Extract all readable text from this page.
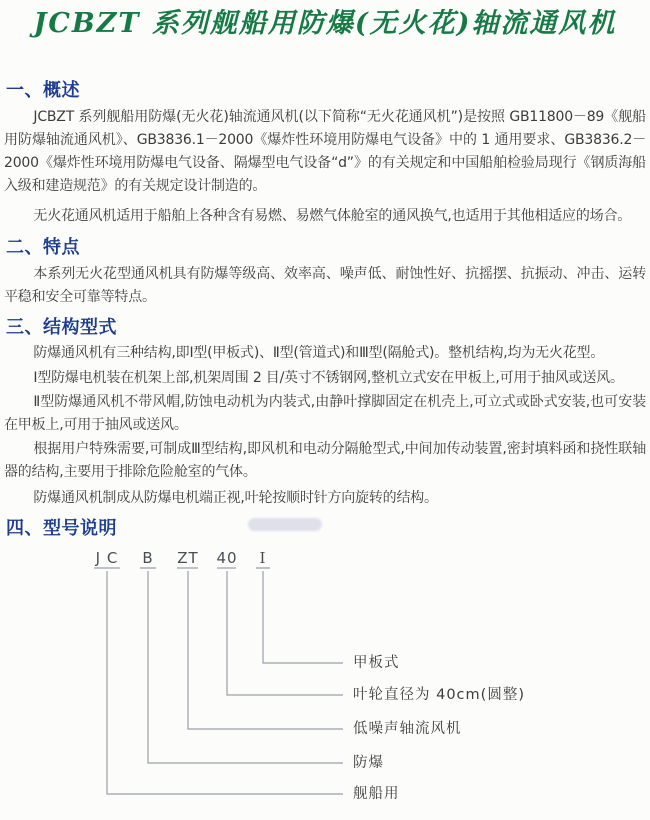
JCBZT 系列舰船用防爆(无火花)轴流通风机
一、概述

JCBZT 系列舰船用防爆(无火花)轴流通风机(以下简称“无火花通风机”)是按照 GB11800－89《舰船用防爆轴流通风机》、GB3836.1－2000《爆炸性环境用防爆电气设备》中的 1 通用要求、GB3836.2－2000《爆炸性环境用防爆电气设备、隔爆型电气设备“d”》的有关规定和中国船舶检验局现行《钢质海船入级和建造规范》的有关规定设计制造的。

无火花通风机适用于船舶上各种含有易燃、易燃气体舱室的通风换气,也适用于其他相适应的场合。

二、特点

本系列无火花型通风机具有防爆等级高、效率高、噪声低、耐蚀性好、抗摇摆、抗振动、冲击、运转平稳和安全可靠等特点。

三、结构型式

防爆通风机有三种结构,即Ⅰ型(甲板式)、Ⅱ型(管道式)和Ⅲ型(隔舱式)。整机结构,均为无火花型。

Ⅰ型防爆电机装在机架上部,机架周围 2 目/英寸不锈钢网,整机立式安在甲板上,可用于抽风或送风。

Ⅱ型防爆通风机不带风帽,防蚀电动机为内装式,由静叶撑脚固定在机壳上,可立式或卧式安装,也可安装在甲板上,可用于抽风或送风。

根据用户特殊需要,可制成Ⅲ型结构,即风机和电动分隔舱型式,中间加传动装置,密封填料函和挠性联轴器的结构,主要用于排除危险舱室的气体。

防爆通风机制成从防爆电机端正视,叶轮按顺时针方向旋转的结构。

四、型号说明
J C B ZT 40 Ⅰ
甲板式
叶轮直径为 40cm(圆整)
低噪声轴流风机
防爆
舰船用
